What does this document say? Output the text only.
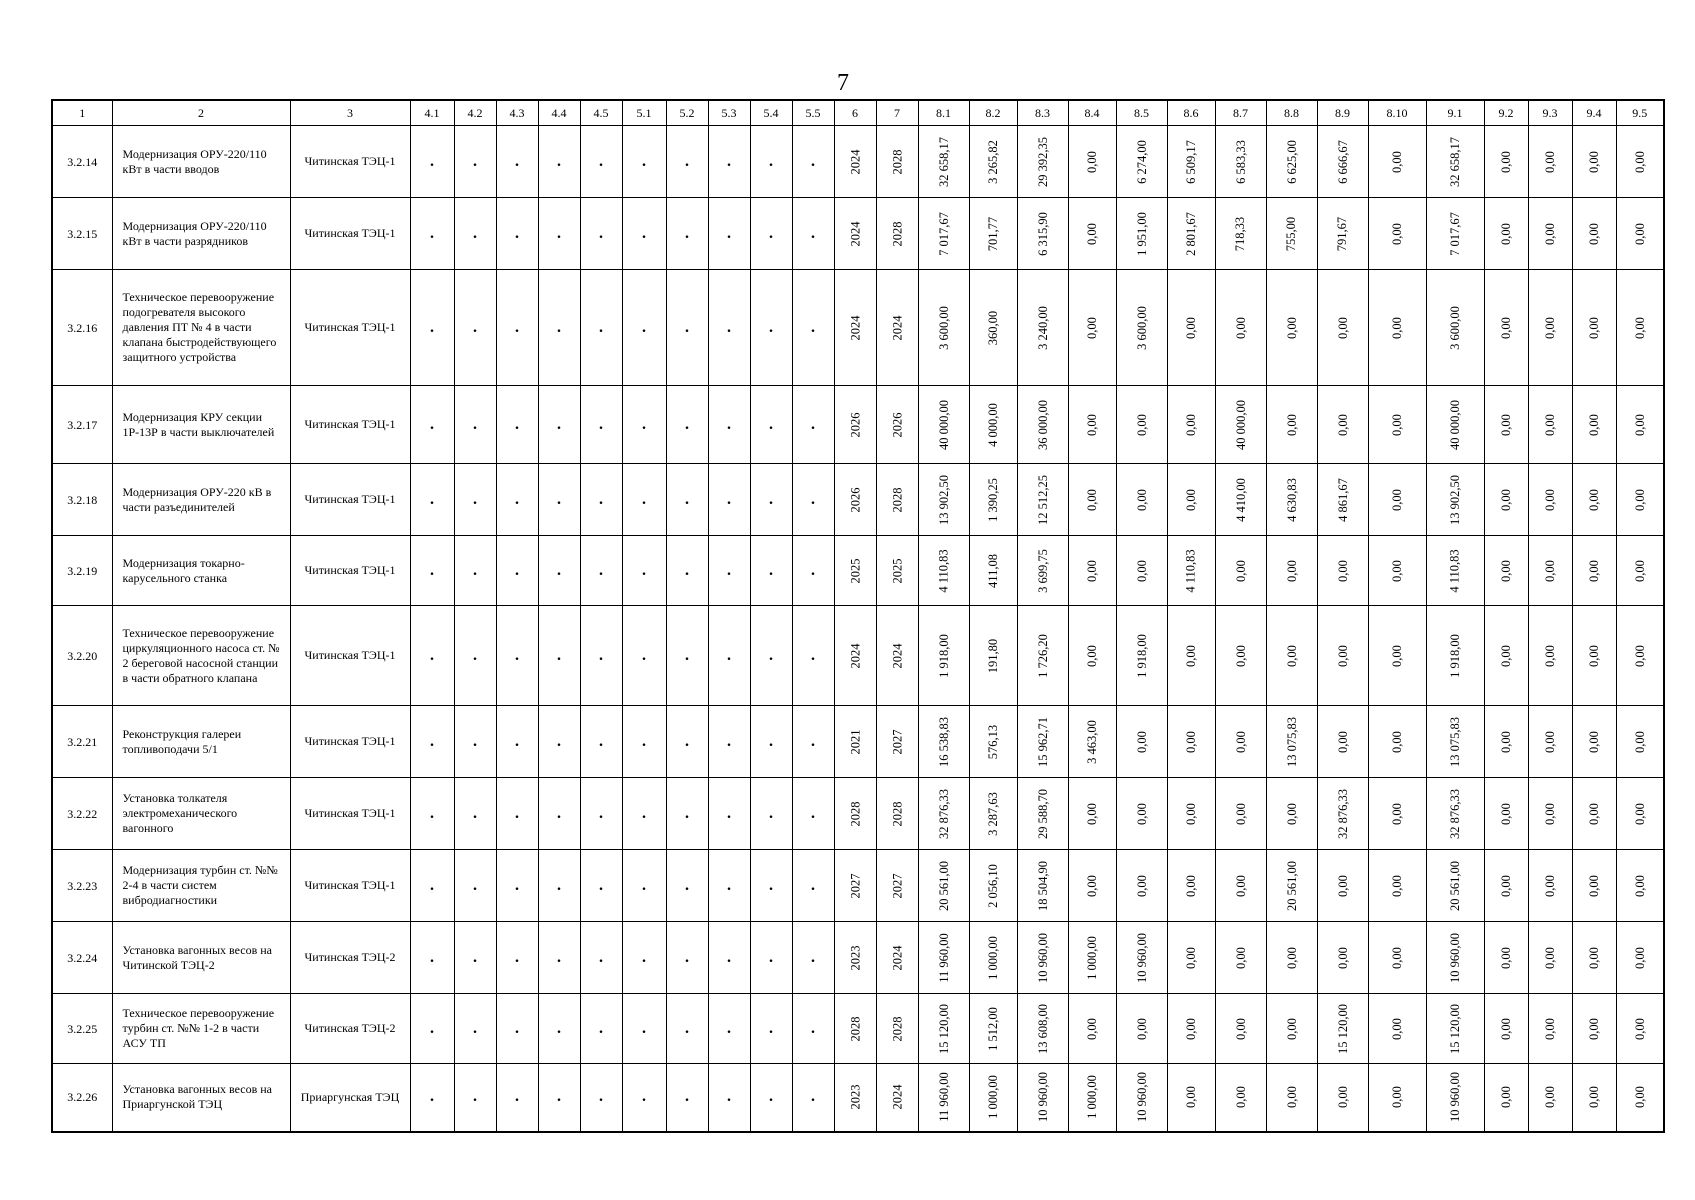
7
1	2	3	4.1	4.2	4.3	4.4	4.5	5.1	5.2	5.3	5.4	5.5	6	7	8.1	8.2	8.3	8.4	8.5	8.6	8.7	8.8	8.9	8.10	9.1	9.2	9.3	9.4	9.5
3.2.14	Модернизация ОРУ-220/110 кВт в части вводов	Читинская ТЭЦ-1	.	.	.	.	.	.	.	.	.	.	2024	2028	32 658,17	3 265,82	29 392,35	0,00	6 274,00	6 509,17	6 583,33	6 625,00	6 666,67	0,00	32 658,17	0,00	0,00	0,00	0,00
3.2.15	Модернизация ОРУ-220/110 кВт в части разрядников	Читинская ТЭЦ-1	.	.	.	.	.	.	.	.	.	.	2024	2028	7 017,67	701,77	6 315,90	0,00	1 951,00	2 801,67	718,33	755,00	791,67	0,00	7 017,67	0,00	0,00	0,00	0,00
3.2.16	Техническое перевооружение подогревателя высокого давления ПТ № 4 в части клапана быстродействующего защитного устройства	Читинская ТЭЦ-1	.	.	.	.	.	.	.	.	.	.	2024	2024	3 600,00	360,00	3 240,00	0,00	3 600,00	0,00	0,00	0,00	0,00	0,00	3 600,00	0,00	0,00	0,00	0,00
3.2.17	Модернизация КРУ секции 1Р-13Р в части выключателей	Читинская ТЭЦ-1	.	.	.	.	.	.	.	.	.	.	2026	2026	40 000,00	4 000,00	36 000,00	0,00	0,00	0,00	40 000,00	0,00	0,00	0,00	40 000,00	0,00	0,00	0,00	0,00
3.2.18	Модернизация ОРУ-220 кВ в части разъединителей	Читинская ТЭЦ-1	.	.	.	.	.	.	.	.	.	.	2026	2028	13 902,50	1 390,25	12 512,25	0,00	0,00	0,00	4 410,00	4 630,83	4 861,67	0,00	13 902,50	0,00	0,00	0,00	0,00
3.2.19	Модернизация токарно-карусельного станка	Читинская ТЭЦ-1	.	.	.	.	.	.	.	.	.	.	2025	2025	4 110,83	411,08	3 699,75	0,00	0,00	4 110,83	0,00	0,00	0,00	0,00	4 110,83	0,00	0,00	0,00	0,00
3.2.20	Техническое перевооружение циркуляционного насоса ст. № 2 береговой насосной станции в части обратного клапана	Читинская ТЭЦ-1	.	.	.	.	.	.	.	.	.	.	2024	2024	1 918,00	191,80	1 726,20	0,00	1 918,00	0,00	0,00	0,00	0,00	0,00	1 918,00	0,00	0,00	0,00	0,00
3.2.21	Реконструкция галереи топливоподачи 5/1	Читинская ТЭЦ-1	.	.	.	.	.	.	.	.	.	.	2021	2027	16 538,83	576,13	15 962,71	3 463,00	0,00	0,00	0,00	13 075,83	0,00	0,00	13 075,83	0,00	0,00	0,00	0,00
3.2.22	Установка толкателя электромеханического вагонного	Читинская ТЭЦ-1	.	.	.	.	.	.	.	.	.	.	2028	2028	32 876,33	3 287,63	29 588,70	0,00	0,00	0,00	0,00	0,00	32 876,33	0,00	32 876,33	0,00	0,00	0,00	0,00
3.2.23	Модернизация турбин ст. №№ 2-4 в части систем вибродиагностики	Читинская ТЭЦ-1	.	.	.	.	.	.	.	.	.	.	2027	2027	20 561,00	2 056,10	18 504,90	0,00	0,00	0,00	0,00	20 561,00	0,00	0,00	20 561,00	0,00	0,00	0,00	0,00
3.2.24	Установка вагонных весов на Читинской ТЭЦ-2	Читинская ТЭЦ-2	.	.	.	.	.	.	.	.	.	.	2023	2024	11 960,00	1 000,00	10 960,00	1 000,00	10 960,00	0,00	0,00	0,00	0,00	0,00	10 960,00	0,00	0,00	0,00	0,00
3.2.25	Техническое перевооружение турбин ст. №№ 1-2 в части АСУ ТП	Читинская ТЭЦ-2	.	.	.	.	.	.	.	.	.	.	2028	2028	15 120,00	1 512,00	13 608,00	0,00	0,00	0,00	0,00	0,00	15 120,00	0,00	15 120,00	0,00	0,00	0,00	0,00
3.2.26	Установка вагонных весов на Приаргунской ТЭЦ	Приаргунская ТЭЦ	.	.	.	.	.	.	.	.	.	.	2023	2024	11 960,00	1 000,00	10 960,00	1 000,00	10 960,00	0,00	0,00	0,00	0,00	0,00	10 960,00	0,00	0,00	0,00	0,00
